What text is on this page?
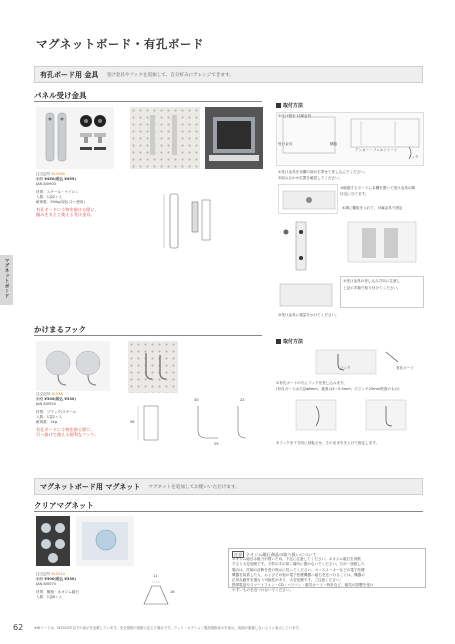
マグネットボード・有孔ボード
有孔ボード用 金具 受け金具やフックを追加して、自分好みにアレンジできます。
パネル受け金具
注文記号 M-5060
価格 ¥450(税込 ¥495)
JAN 8/0900
材質：スチール・ナイロン
入数：1袋2ヶ入
耐荷重：500g(1段に2ヶ使用)
有孔ボードに小物を掛ける際に、
揃みを支えて使える受け金具。
取付方法
①付け根を 付属金具
受け金具	棚板
アンカー・フェルトシート
フック
①受け金具を本棚の面の右寄せて差し込んでください。
②組み合わせ位置を確認してください。
③破損するボードに本棚を置いて受け金具の脚
付近に当てます。
④溝に棚板を入れて、付属金具で固定
①受け金具の差し込み方向に注意し
上記の手順で取り付けてください。
③受け金具に重量をかけてください。
マグネットボード
かけまるフック
注文記号 M-538
価格 ¥300(税込 ¥330)
JAN 8/0920
材質：ブラック/スチール
入数：1袋2ヶ入
耐荷重：1kg
有孔ボードに小物を掛る際に、
引っ掛けて使える便利なフック。
56
30
29
22
取付方法
フック	有孔ボード
①有孔ボードの穴にフックを差し込みます。
(有孔ボードは穴径φ6mm、板厚は3～5.5mm、穴ピッチ25mm程度のもの)
②フックを下方向に回転させ、そのまま引き上げて固定します。
マグネットボード用 マグネット マグネットを追加してお使いいただけます。
クリアマグネット
注文記号 M-5010
価格 ¥300(税込 ¥330)
JAN 8/0070
材質：樹脂・ネオジム磁石
入数：1袋8ヶ入
11
16
注意 ネオジム磁石商品の取り扱いについて
ネオジム磁石は磁力が強いため、下記に注意してください。ネオジム磁石を誤飲
すると大変危険です。子供の手の届く場所に置かないでください。万が一誤飲した
場合は、医師の診断を受け指示に従ってください。ペースメーカーなどの電子医療
機器を装着した人、およびその他の電子医療機器へ磁石を近づけることは、機器の
正常な動作を損なう可能性があり、大変危険です。ご注意ください。
携帯電話やスマートフォン・CD・パソコン・磁気カード・時計など、磁気の影響を受け
やすいものを近づけないでください。
62	※Wコードは、W2015年以下の表示を記載しています。安全規格の規制に応じた場合です。ウッド・オプション製品規格表示を表示、表面が重複しないように表示しています。
